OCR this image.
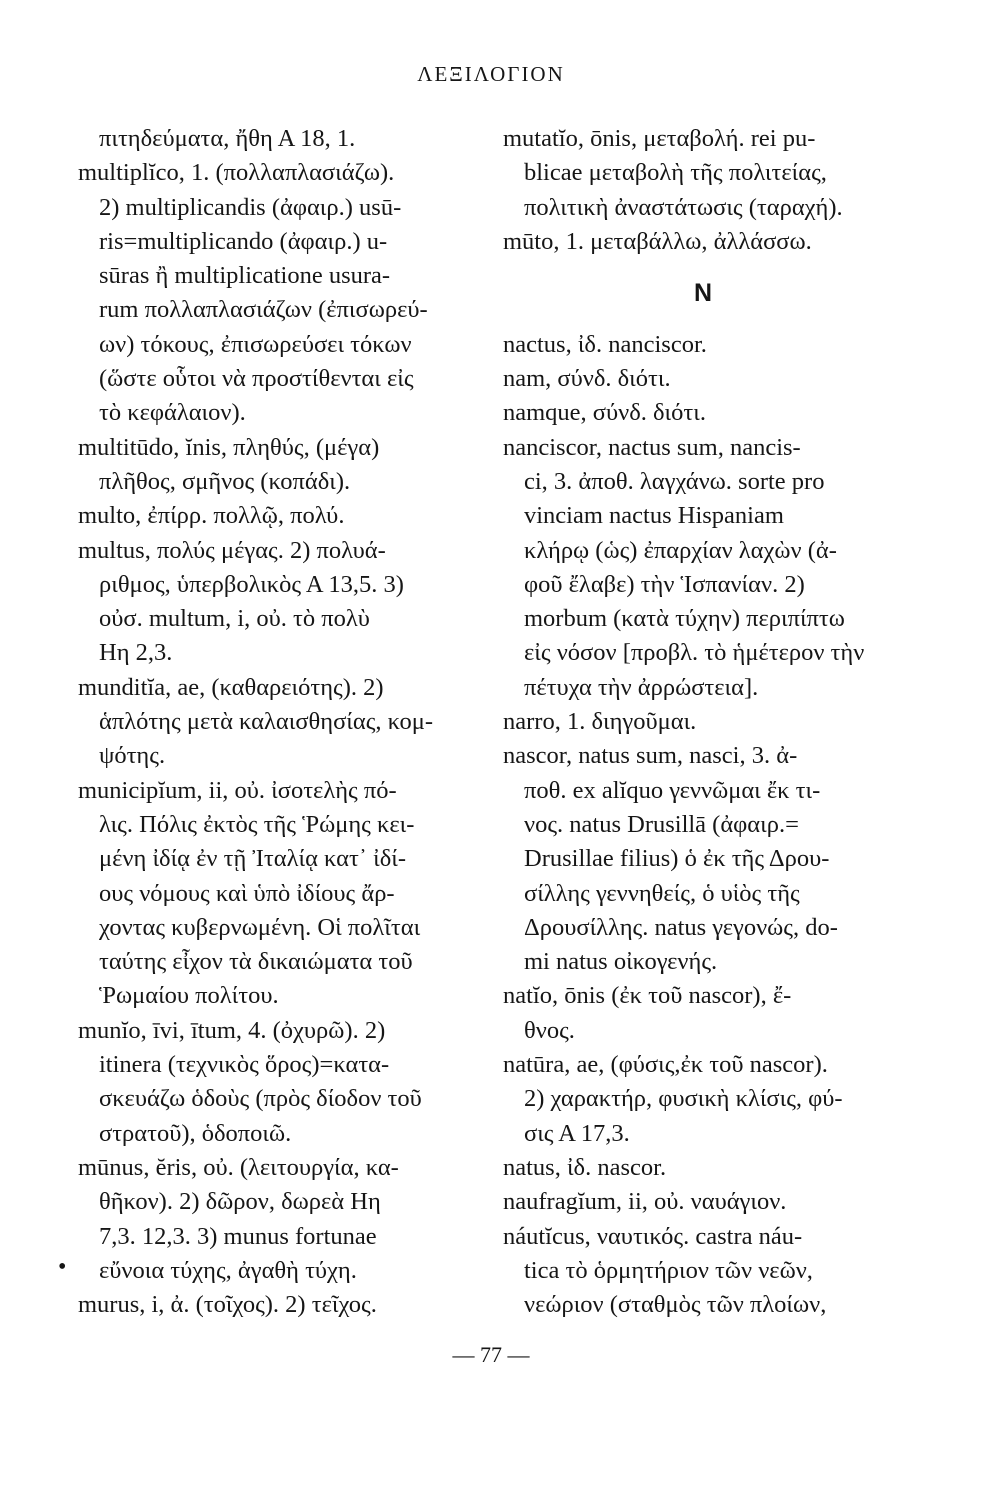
ΛΕΞΙΛΟΓΙΟΝ
πιτηδεύματα, ἤθη Α 18, 1.
multiplĭco, 1. (πολλαπλασιάζω).
2) multiplicandis (ἀφαιρ.) usū-
ris=multiplicando (ἀφαιρ.) u-
sūras ἢ multiplicatione usura-
rum πολλαπλασιάζων (ἐπισωρεύ-
ων) τόκους, ἐπισωρεύσει τόκων
(ὥστε οὗτοι νὰ προστίθενται εἰς
τὸ κεφάλαιον).
multitūdo, ĭnis, πληθύς, (μέγα)
πλῆθος, σμῆνος (κοπάδι).
multo, ἐπίρρ. πολλῷ, πολύ.
multus, πολύς μέγας. 2) πολυά-
ριθμος, ὑπερβολικὸς Α 13,5. 3)
οὐσ. multum, i, οὐ. τὸ πολὺ
Ηη 2,3.
munditĭa, ae, (καθαρειότης). 2)
ἁπλότης μετὰ καλαισθησίας, κομ-
ψότης.
municipĭum, ii, οὐ. ἰσοτελὴς πό-
λις. Πόλις ἐκτὸς τῆς Ῥώμης κει-
μένη ἰδίᾳ ἐν τῇ Ἰταλίᾳ κατ᾽ ἰδί-
ους νόμους καὶ ὑπὸ ἰδίους ἄρ-
χοντας κυβερνωμένη. Οἱ πολῖται
ταύτης εἶχον τὰ δικαιώματα τοῦ
Ῥωμαίου πολίτου.
munĭo, īvi, ītum, 4. (ὀχυρῶ). 2)
itinera (τεχνικὸς ὅρος)=κατα-
σκευάζω ὁδοὺς (πρὸς δίοδον τοῦ
στρατοῦ), ὁδοποιῶ.
mūnus, ĕris, οὐ. (λειτουργία, κα-
θῆκον). 2) δῶρον, δωρεὰ Ηη
7,3. 12,3. 3) munus fortunae
εὔνοια τύχης, ἀγαθὴ τύχη.
murus, i, ἀ. (τοῖχος). 2) τεῖχος.
mutatĭo, ōnis, μεταβολή. rei pu-
blicae μεταβολὴ τῆς πολιτείας,
πολιτικὴ ἀναστάτωσις (ταραχή).
mūto, 1. μεταβάλλω, ἀλλάσσω.
N
nactus, ἰδ. nanciscor.
nam, σύνδ. διότι.
namque, σύνδ. διότι.
nanciscor, nactus sum, nancis-
ci, 3. ἀποθ. λαγχάνω. sorte pro
vinciam nactus Hispaniam
κλήρῳ (ὡς) ἐπαρχίαν λαχὼν (ἀ-
φοῦ ἔλαβε) τὴν Ἱσπανίαν. 2)
morbum (κατὰ τύχην) περιπίπτω
εἰς νόσον [προβλ. τὸ ἡμέτερον τὴν
πέτυχα τὴν ἀρρώστεια].
narro, 1. διηγοῦμαι.
nascor, natus sum, nasci, 3. ἀ-
ποθ. ex alĭquo γεννῶμαι ἔκ τι-
νος. natus Drusillā (ἀφαιρ.=
Drusillae filius) ὁ ἐκ τῆς Δρου-
σίλλης γεννηθείς, ὁ υἱὸς τῆς
Δρουσίλλης. natus γεγονώς, do-
mi natus οἰκογενής.
natĭo, ōnis (ἐκ τοῦ nascor), ἔ-
θνος.
natūra, ae, (φύσις,ἐκ τοῦ nascor).
2) χαρακτήρ, φυσικὴ κλίσις, φύ-
σις Α 17,3.
natus, ἰδ. nascor.
naufragĭum, ii, οὐ. ναυάγιον.
náutĭcus, ναυτικός. castra náu-
tica τὸ ὁρμητήριον τῶν νεῶν,
νεώριον (σταθμὸς τῶν πλοίων,
•
— 77 —
